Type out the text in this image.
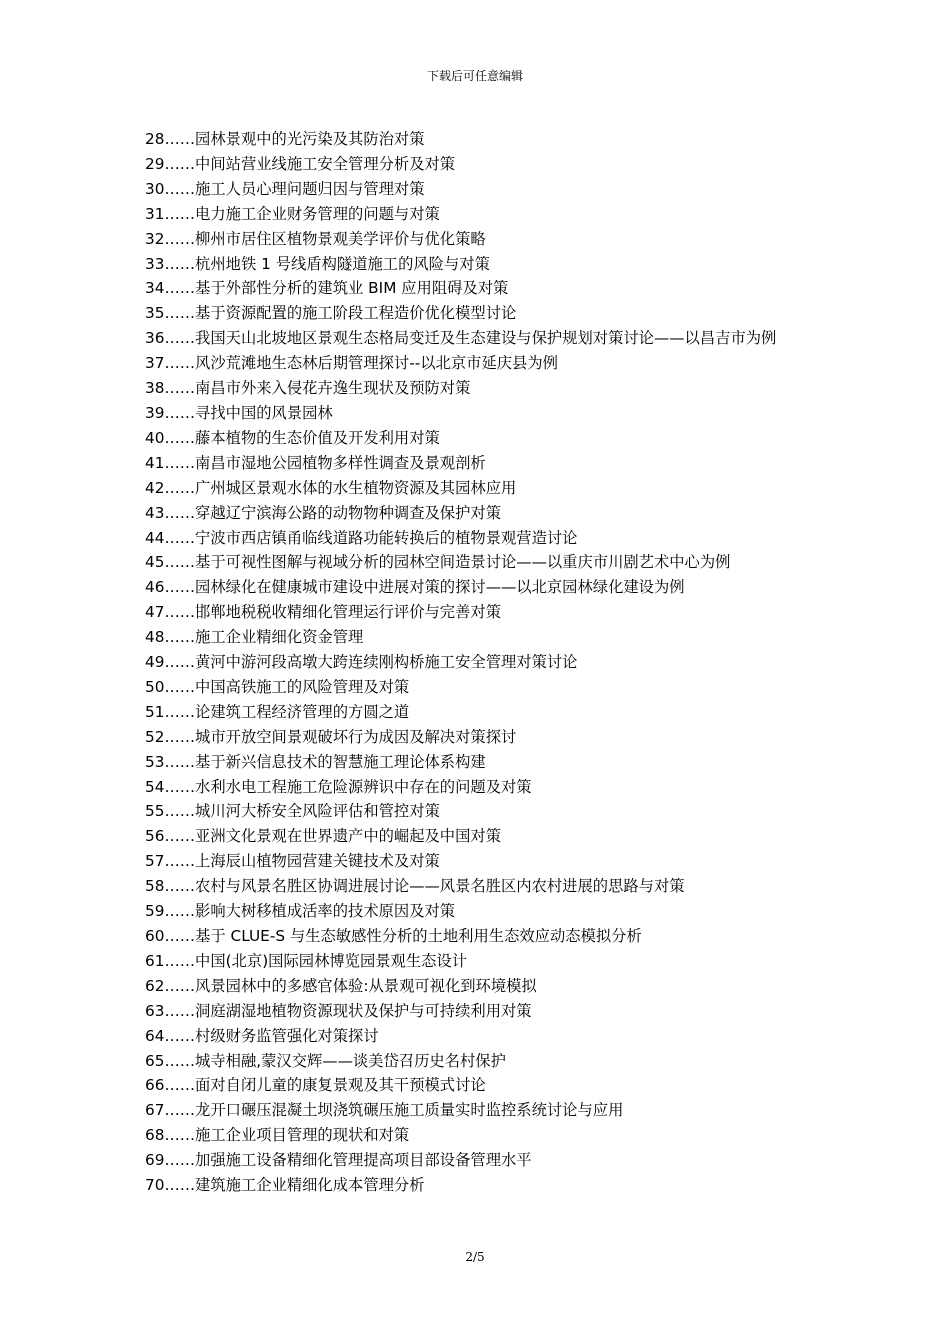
下载后可任意编辑

28……园林景观中的光污染及其防治对策

29……中间站营业线施工安全管理分析及对策

30……施工人员心理问题归因与管理对策

31……电力施工企业财务管理的问题与对策

32……柳州市居住区植物景观美学评价与优化策略

33……杭州地铁 1 号线盾构隧道施工的风险与对策

34……基于外部性分析的建筑业 BIM 应用阻碍及对策

35……基于资源配置的施工阶段工程造价优化模型讨论

36……我国天山北坡地区景观生态格局变迁及生态建设与保护规划对策讨论——以昌吉市为例

37……风沙荒滩地生态林后期管理探讨--以北京市延庆县为例

38……南昌市外来入侵花卉逸生现状及预防对策

39……寻找中国的风景园林

40……藤本植物的生态价值及开发利用对策

41……南昌市湿地公园植物多样性调查及景观剖析

42……广州城区景观水体的水生植物资源及其园林应用

43……穿越辽宁滨海公路的动物物种调查及保护对策

44……宁波市西店镇甬临线道路功能转换后的植物景观营造讨论

45……基于可视性图解与视域分析的园林空间造景讨论——以重庆市川剧艺术中心为例

46……园林绿化在健康城市建设中进展对策的探讨——以北京园林绿化建设为例

47……邯郸地税税收精细化管理运行评价与完善对策

48……施工企业精细化资金管理

49……黄河中游河段高墩大跨连续刚构桥施工安全管理对策讨论

50……中国高铁施工的风险管理及对策

51……论建筑工程经济管理的方圆之道

52……城市开放空间景观破坏行为成因及解决对策探讨

53……基于新兴信息技术的智慧施工理论体系构建

54……水利水电工程施工危险源辨识中存在的问题及对策

55……城川河大桥安全风险评估和管控对策

56……亚洲文化景观在世界遗产中的崛起及中国对策

57……上海辰山植物园营建关键技术及对策

58……农村与风景名胜区协调进展讨论——风景名胜区内农村进展的思路与对策

59……影响大树移植成活率的技术原因及对策

60……基于 CLUE-S 与生态敏感性分析的土地利用生态效应动态模拟分析

61……中国(北京)国际园林博览园景观生态设计

62……风景园林中的多感官体验:从景观可视化到环境模拟

63……洞庭湖湿地植物资源现状及保护与可持续利用对策

64……村级财务监管强化对策探讨

65……城寺相融,蒙汉交辉——谈美岱召历史名村保护

66……面对自闭儿童的康复景观及其干预模式讨论

67……龙开口碾压混凝土坝浇筑碾压施工质量实时监控系统讨论与应用

68……施工企业项目管理的现状和对策

69……加强施工设备精细化管理提高项目部设备管理水平

70……建筑施工企业精细化成本管理分析

2/5
